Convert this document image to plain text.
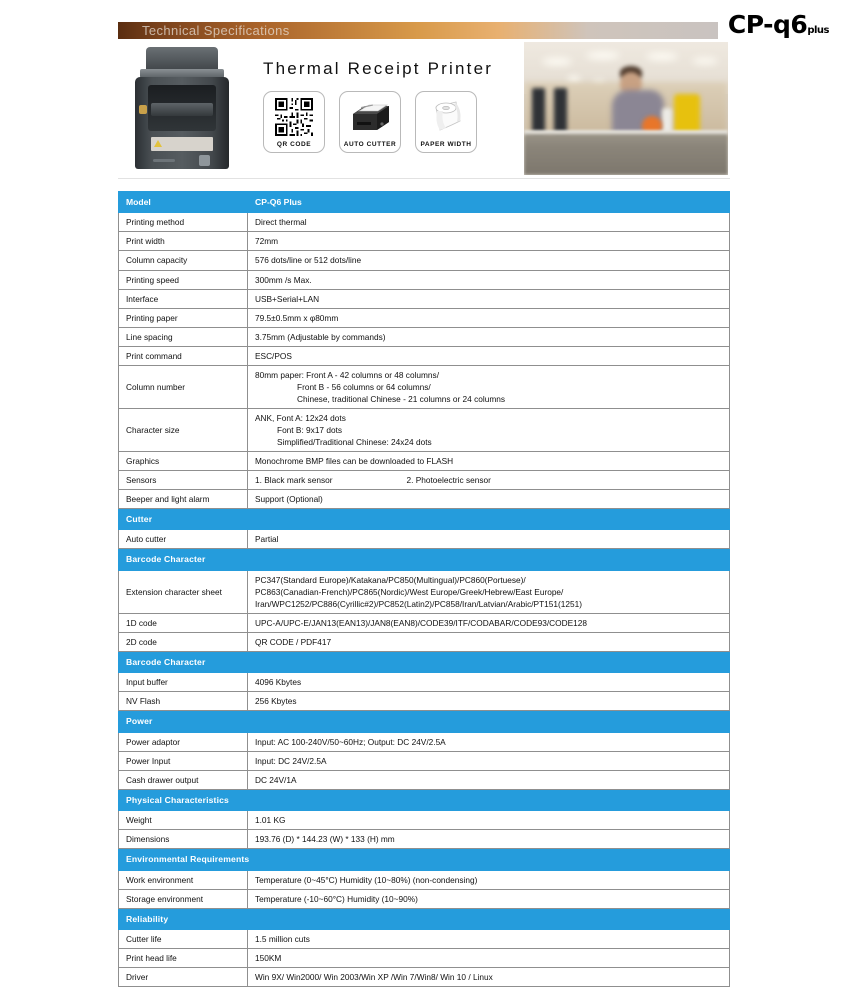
Technical Specifications	CP-q6plus
Thermal Receipt Printer
QR CODE	AUTO CUTTER	PAPER WIDTH
Model	CP-Q6 Plus
Printing method	Direct thermal
Print width	72mm
Column capacity	576 dots/line or 512 dots/line
Printing speed	300mm /s Max.
Interface	USB+Serial+LAN
Printing paper	79.5±0.5mm x φ80mm
Line spacing	3.75mm (Adjustable by commands)
Print command	ESC/POS
Column number	80mm paper: Front A - 42 columns or 48 columns/
Front B - 56 columns or 64 columns/
Chinese, traditional Chinese - 21 columns or 24 columns

Character size	ANK, Font A: 12x24 dots
Font B: 9x17 dots
Simplified/Traditional Chinese: 24x24 dots

Graphics	Monochrome BMP files can be downloaded to FLASH
Sensors	1. Black mark sensor 2. Photoelectric sensor
Beeper and light alarm	Support (Optional)
Cutter	
Auto cutter	Partial
Barcode Character	
Extension character sheet	PC347(Standard Europe)/Katakana/PC850(Multingual)/PC860(Portuese)/
PC863(Canadian-French)/PC865(Nordic)/West Europe/Greek/Hebrew/East Europe/
Iran/WPC1252/PC886(Cyrillic#2)/PC852(Latin2)/PC858/Iran/Latvian/Arabic/PT151(1251)

1D code	UPC-A/UPC-E/JAN13(EAN13)/JAN8(EAN8)/CODE39/ITF/CODABAR/CODE93/CODE128
2D code	QR CODE / PDF417
Barcode Character	
Input buffer	4096 Kbytes
NV Flash	256 Kbytes
Power	
Power adaptor	Input: AC 100-240V/50~60Hz; Output: DC 24V/2.5A
Power Input	Input: DC 24V/2.5A
Cash drawer output	DC 24V/1A
Physical Characteristics	
Weight	1.01 KG
Dimensions	193.76 (D) * 144.23 (W) * 133 (H) mm
Environmental Requirements	
Work environment	Temperature (0~45°C) Humidity (10~80%) (non-condensing)
Storage environment	Temperature (-10~60°C) Humidity (10~90%)
Reliability	
Cutter life	1.5 million cuts
Print head life	150KM
Driver	Win 9X/ Win2000/ Win 2003/Win XP /Win 7/Win8/ Win 10 / Linux
